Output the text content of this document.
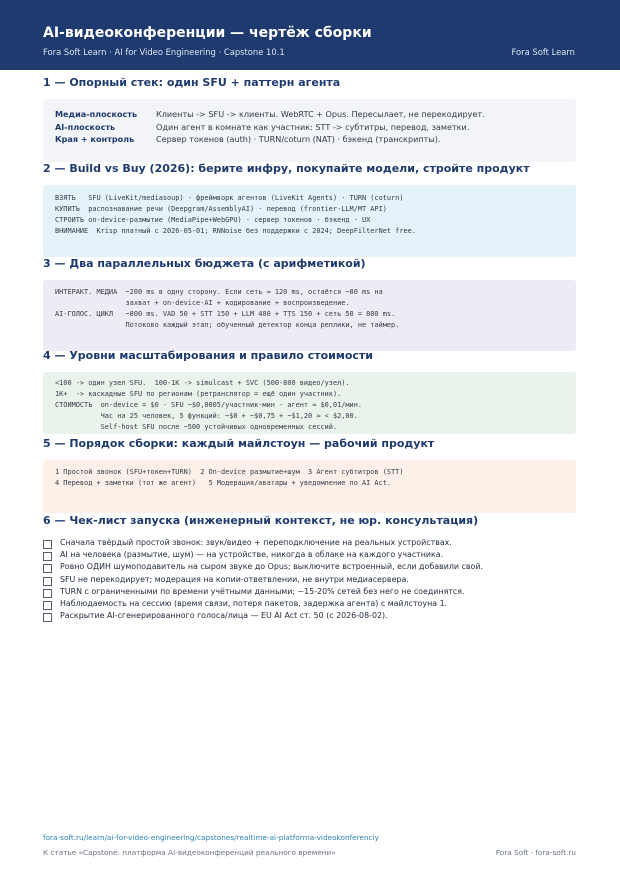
AI-видеоконференции — чертёж сборки
Fora Soft Learn · AI for Video Engineering · Capstone 10.1	Fora Soft Learn
1 — Опорный стек: один SFU + паттерн агента
Медиа-плоскость Клиенты -> SFU -> клиенты. WebRTC + Opus. Пересылает, не перекодирует.
AI-плоскость	Один агент в комнате как участник: STT -> субтитры, перевод, заметки.
Края + контроль	Сервер токенов (auth) · TURN/coturn (NAT) · бэкенд (транскрипты).
2 — Build vs Buy (2026): берите инфру, покупайте модели, стройте продукт
ВЗЯТЬ   SFU (LiveKit/mediasoup) · фреймворк агентов (LiveKit Agents) · TURN (coturn)
КУПИТЬ  распознавание речи (Deepgram/AssemblyAI) · перевод (frontier-LLM/MT API)
СТРОИТЬ on-device-размытие (MediaPipe+WebGPU) · сервер токенов · бэкенд · UX
ВНИМАНИЕ  Krisp платный с 2026-05-01; RNNoise без поддержки с 2024; DeepFilterNet free.
3 — Два параллельных бюджета (с арифметикой)
ИНТЕРАКТ. МЕДИА  ~200 ms в одну сторону. Если сеть ≈ 120 ms, остаётся ~80 ms на
захват + on-device-AI + кодирование + воспроизведение.
AI-ГОЛОС. ЦИКЛ   ~800 ms. VAD 50 + STT 150 + LLM 400 + TTS 150 + сеть 50 = 800 ms.
Потоково каждый этап; обученный детектор конца реплики, не таймер.
4 — Уровни масштабирования и правило стоимости
<100 -> один узел SFU.  100-1K -> simulcast + SVC (500-800 видео/узел).
1K+  -> каскадные SFU по регионам (ретранслятор = ещё один участник).
СТОИМОСТЬ  on-device = $0 · SFU ~$0,0005/участник-мин · агент ≈ $0,01/мин.
Час на 25 человек, 5 функций: ~$0 + ~$0,75 + ~$1,20 ≈ < $2,00.
Self-host SFU после ~500 устойчивых одновременных сессий.
5 — Порядок сборки: каждый майлстоун — рабочий продукт
1 Простой звонок (SFU+токен+TURN)  2 On-device размытие+шум  3 Агент субтитров (STT)
4 Перевод + заметки (тот же агент)   5 Модерация/аватары + уведомление по AI Act.
6 — Чек-лист запуска (инженерный контекст, не юр. консультация)
Сначала твёрдый простой звонок: звук/видео + переподключение на реальных устройствах.
AI на человека (размытие, шум) — на устройстве, никогда в облаке на каждого участника.
Ровно ОДИН шумоподавитель на сыром звуке до Opus; выключите встроенный, если добавили свой.
SFU не перекодирует; модерация на копии-ответвлении, не внутри медиасервера.
TURN с ограниченными по времени учётными данными; ~15-20% сетей без него не соединятся.
Наблюдаемость на сессию (время связи, потеря пакетов, задержка агента) с майлстоуна 1.
Раскрытие AI-сгенерированного голоса/лица — EU AI Act ст. 50 (с 2026-08-02).
fora-soft.ru/learn/ai-for-video-engineering/capstones/realtime-ai-platforma-videokonferenciy
К статье «Capstone: платформа AI-видеоконференций реального времени»	Fora Soft · fora-soft.ru
